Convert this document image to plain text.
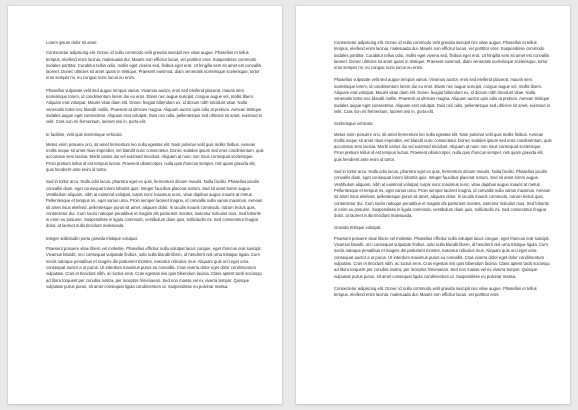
Lorem ipsum dolor sit amet

Consectetur adipiscing elit. Donec id nulla commodo velit gravida suscipit nec vitae augue. Phasellus et tellus tempus, eleifend enim lacinia, malesuada dui. Mauris non efficitur lacus, vel porttitor eros. Suspendisse commodo sodales porttitor. Curabitur tellus odio, mollis eget viverra sed, finibus eget erat. Ut fringilla sem sit amet est convallis laoreet. Donec ultricies sit amet quam in tristique. Praesent euismod, diam venenatis scelerisque scelerisque, tortor eros semper mi, eu congue nunc lacus eu enim.

Phasellus vulputate velit sed augue tempus varius. Vivamus auctor, eros sed eleifend placerat, mauris sem scelerisque lorem, id condimentum lorem dui eu eros. Etiam nec augue suscipit, congue augue vel, mollis libero. Aliquam erat volutpat. Mauris vitae diam elit. Donec feugiat bibendum ex, id dictum nibh tincidunt vitae. Nulla venenatis tortor nec blandit mollis. Praesent at ultricies magna. Aliquam auctor quis odio at pretium. Aenean tristique sodales augue eget consectetur. Aliquam erat volutpat. Duis orci odio, pellentesque sed ultricies sit amet, euismod in velit. Cras non mi fermentum, laoreet nisi in, porta elit.

In facilisis, velit quis scelerisque vehicula

Metus enim posuere orci, sit amet fermentum leo nulla egestas elit. Nam pulvinar velit quis mollis finibus. Aenean mollis neque sit amet risus imperdiet, vel blandit nunc consectetur. Donec sodales ipsum sed eros condimentum, quis accumsan sem lacinia. Morbi varius dui vel euismod tincidunt. Aliquam at nunc non risus consequat scelerisque. Proin pretium tellus id est tempus luctus. Praesent ullamcorper, nulla quis rhoncus semper, nisl quam gravida elit, quis hendrerit ante enim id tortor.

Sed in tortor arcu. Nulla odio lacus, pharetra eget ex quis, fermentum dictum mauris. Nulla facilisi. Phasellus iaculis convallis diam, eget consequat lorem lobortis quis. Integer faucibus placerat rutrum. Sed sit amet lorem augue. Vestibulum aliquam, nibh at euismod volutpat, turpis nunc maximus nunc, vitae dapibus augue mauris at metus. Pellentesque et tempus mi, eget varius urna. Proin semper laoreet magna, id convallis nulla varius maximus. Aenean sit amet risus eleifend, pellentesque purus sit amet, aliquam dolor. In iaculis mauris commodo, rutrum lectus quis, consectetur dui. Cum sociis natoque penatibus et magnis dis parturient montes, nascetur ridiculus mus. Sed lobortis in enim eu posuere. Suspendisse in ligula commodo, vestibulum diam quis, sollicitudin mi. Sed consectetur feugiat dolor, at laoreet nulla tincidunt malesuada.

Integer sollicitudin porta gravida tristique volutpat.

Praesent posuere vitae libero vel molestie. Phasellus efficitur nulla volutpat lacus congue, eget rhoncus erat suscipit. Vivamus blandit, orci consequat vulputate finibus, odio nulla blandit libero, id hendrerit nisl urna tristique ligula. Cum sociis natoque penatibus et magnis dis parturient montes, nascetur ridiculus mus. Aliquam quis orci eget urna consequat auctor a ut purus. Ut interdum maximus purus eu convallis. Cras viverra dolor eget dolor condimentum vulputate. Cras et tincidunt nibh, ac luctus eros. Cras egestas nisi quis bibendum lacinia. Class aptent taciti sociosqu ad litora torquent per conubia nostra, per inceptos himenaeos. Sed non massa vel ex viverra tempor. Quisque vulputate purus purus, sit amet consequat ligula condimentum ut. Suspendisse eu pulvinar massa.

Consectetur adipiscing elit. Donec id nulla commodo velit gravida suscipit nec vitae augue. Phasellus et tellus tempus, eleifend enim lacinia, malesuada dui. Mauris non efficitur lacus, vel porttitor eros. Suspendisse commodo sodales porttitor. Curabitur tellus odio, mollis eget viverra sed, finibus eget erat. Ut fringilla sem sit amet est convallis laoreet. Donec ultricies sit amet quam in tristique. Praesent euismod, diam venenatis scelerisque scelerisque, tortor eros semper mi, eu congue nunc lacus eu enim.

Phasellus vulputate velit sed augue tempus varius. Vivamus auctor, eros sed eleifend placerat, mauris sem scelerisque lorem, id condimentum lorem dui eu eros. Etiam nec augue suscipit, congue augue vel, mollis libero. Aliquam erat volutpat. Mauris vitae diam elit. Donec feugiat bibendum ex, id dictum nibh tincidunt vitae. Nulla venenatis tortor nec blandit mollis. Praesent at ultricies magna. Aliquam auctor quis odio at pretium. Aenean tristique sodales augue eget consectetur. Aliquam erat volutpat. Duis orci odio, pellentesque sed ultricies sit amet, euismod in velit. Cras non mi fermentum, laoreet nisi in, porta elit.

Scelerisque vehicula

Metus enim posuere orci, sit amet fermentum leo nulla egestas elit. Nam pulvinar velit quis mollis finibus. Aenean mollis neque sit amet risus imperdiet, vel blandit nunc consectetur. Donec sodales ipsum sed eros condimentum, quis accumsan sem lacinia. Morbi varius dui vel euismod tincidunt. Aliquam at nunc non risus consequat scelerisque. Proin pretium tellus id est tempus luctus. Praesent ullamcorper, nulla quis rhoncus semper, nisl quam gravida elit, quis hendrerit ante enim id tortor.

Sed in tortor arcu. Nulla odio lacus, pharetra eget ex quis, fermentum dictum mauris. Nulla facilisi. Phasellus iaculis convallis diam, eget consequat lorem lobortis quis. Integer faucibus placerat rutrum. Sed sit amet lorem augue. Vestibulum aliquam, nibh at euismod volutpat, turpis nunc maximus nunc, vitae dapibus augue mauris at metus. Pellentesque et tempus mi, eget varius urna. Proin semper laoreet magna, id convallis nulla varius maximus. Aenean sit amet risus eleifend, pellentesque purus sit amet, aliquam dolor. In iaculis mauris commodo, rutrum lectus quis, consectetur dui. Cum sociis natoque penatibus et magnis dis parturient montes, nascetur ridiculus mus. Sed lobortis in enim eu posuere. Suspendisse in ligula commodo, vestibulum diam quis, sollicitudin mi. Sed consectetur feugiat dolor, at laoreet nulla tincidunt malesuada.

Gravida tristique volutpat.

Praesent posuere vitae libero vel molestie. Phasellus efficitur nulla volutpat lacus congue, eget rhoncus erat suscipit. Vivamus blandit, orci consequat vulputate finibus, odio nulla blandit libero, id hendrerit nisl urna tristique ligula. Cum sociis natoque penatibus et magnis dis parturient montes, nascetur ridiculus mus. Aliquam quis orci eget urna consequat auctor a ut purus. Ut interdum maximus purus eu convallis. Cras viverra dolor eget dolor condimentum vulputate. Cras et tincidunt nibh, ac luctus eros. Cras egestas nisi quis bibendum lacinia. Class aptent taciti sociosqu ad litora torquent per conubia nostra, per inceptos himenaeos. Sed non massa vel ex viverra tempor. Quisque vulputate purus purus, sit amet consequat ligula condimentum ut. Suspendisse eu pulvinar massa.

Consectetur adipiscing elit. Donec id nulla commodo velit gravida suscipit nec vitae augue. Phasellus et tellus tempus, eleifend enim lacinia, malesuada dui. Mauris non efficitur lacus, vel porttitor eros.
